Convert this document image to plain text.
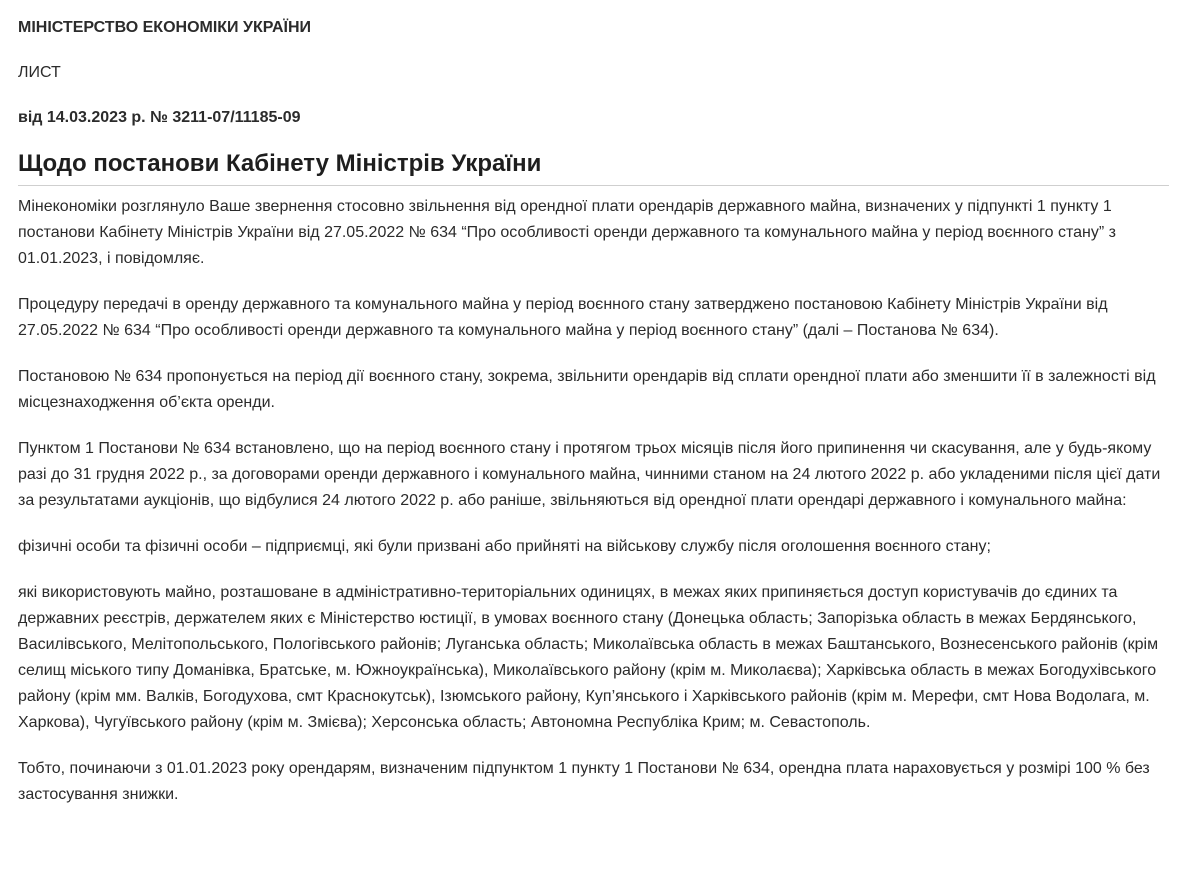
МІНІСТЕРСТВО ЕКОНОМІКИ УКРАЇНИ

ЛИСТ

від 14.03.2023 р. № 3211-07/11185-09

Щодо постанови Кабінету Міністрів України

Мінекономіки розглянуло Ваше звернення стосовно звільнення від орендної плати орендарів державного майна, визначених у підпункті 1 пункту 1 постанови Кабінету Міністрів України від 27.05.2022 № 634 “Про особливості оренди державного та комунального майна у період воєнного стану” з 01.01.2023, і повідомляє.

Процедуру передачі в оренду державного та комунального майна у період воєнного стану затверджено постановою Кабінету Міністрів України від 27.05.2022 № 634 “Про особливості оренди державного та комунального майна у період воєнного стану” (далі – Постанова № 634).

Постановою № 634 пропонується на період дії воєнного стану, зокрема, звільнити орендарів від сплати орендної плати або зменшити її в залежності від місцезнаходження об’єкта оренди.

Пунктом 1 Постанови № 634 встановлено, що на період воєнного стану і протягом трьох місяців після його припинення чи скасування, але у будь-якому разі до 31 грудня 2022 р., за договорами оренди державного і комунального майна, чинними станом на 24 лютого 2022 р. або укладеними після цієї дати за результатами аукціонів, що відбулися 24 лютого 2022 р. або раніше, звільняються від орендної плати орендарі державного і комунального майна:

фізичні особи та фізичні особи – підприємці, які були призвані або прийняті на військову службу після оголошення воєнного стану;

які використовують майно, розташоване в адміністративно-територіальних одиницях, в межах яких припиняється доступ користувачів до єдиних та державних реєстрів, держателем яких є Міністерство юстиції, в умовах воєнного стану (Донецька область; Запорізька область в межах Бердянського, Василівського, Мелітопольського, Пологівського районів; Луганська область; Миколаївська область в межах Баштанського, Вознесенського районів (крім селищ міського типу Доманівка, Братське, м. Южноукраїнська), Миколаївського району (крім м. Миколаєва); Харківська область в межах Богодухівського району (крім мм. Валків, Богодухова, смт Краснокутськ), Ізюмського району, Куп’янського і Харківського районів (крім м. Мерефи, смт Нова Водолага, м. Харкова), Чугуївського району (крім м. Змієва); Херсонська область; Автономна Республіка Крим; м. Севастополь.

Тобто, починаючи з 01.01.2023 року орендарям, визначеним підпунктом 1 пункту 1 Постанови № 634, орендна плата нараховується у розмірі 100 % без застосування знижки.
